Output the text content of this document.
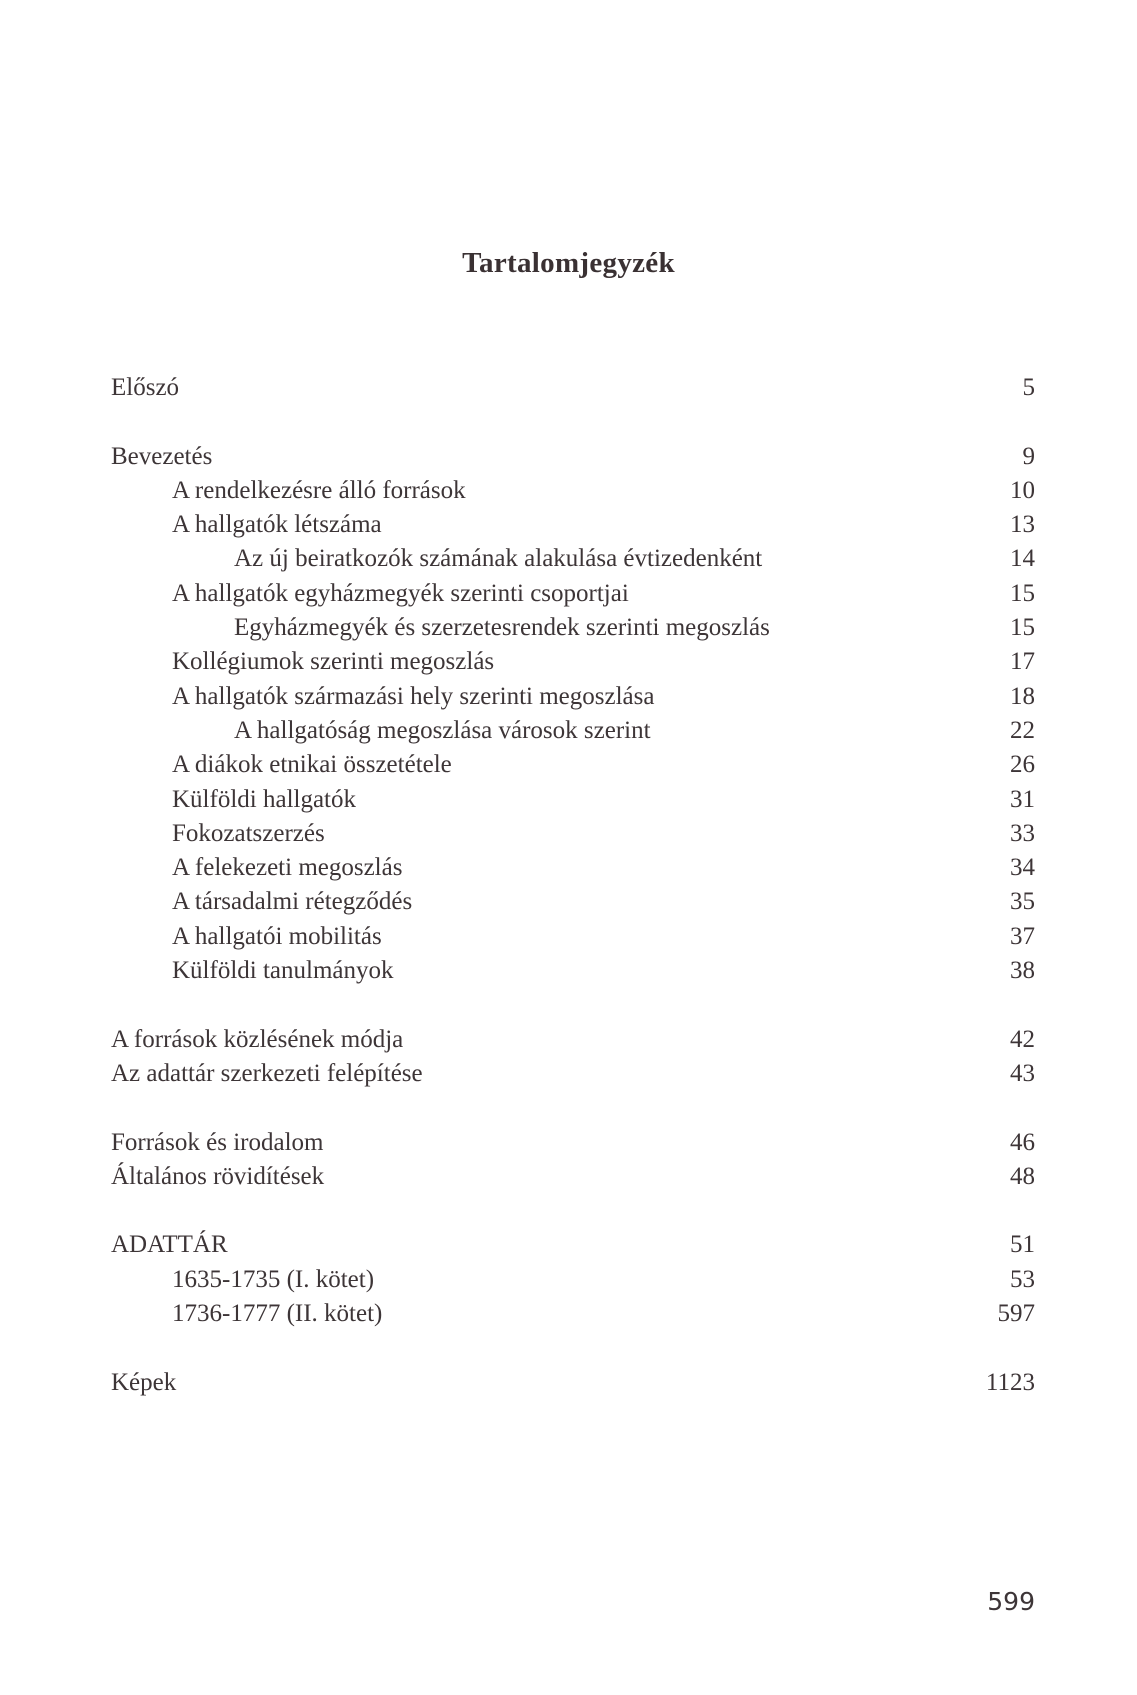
Tartalomjegyzék
Előszó	5
Bevezetés	9
A rendelkezésre álló források	10
A hallgatók létszáma	13
Az új beiratkozók számának alakulása évtizedenként	14
A hallgatók egyházmegyék szerinti csoportjai	15
Egyházmegyék és szerzetesrendek szerinti megoszlás	15
Kollégiumok szerinti megoszlás	17
A hallgatók származási hely szerinti megoszlása	18
A hallgatóság megoszlása városok szerint	22
A diákok etnikai összetétele	26
Külföldi hallgatók	31
Fokozatszerzés	33
A felekezeti megoszlás	34
A társadalmi rétegződés	35
A hallgatói mobilitás	37
Külföldi tanulmányok	38
A források közlésének módja	42
Az adattár szerkezeti felépítése	43
Források és irodalom	46
Általános rövidítések	48
ADATTÁR	51
1635-1735 (I. kötet)	53
1736-1777 (II. kötet)	597
Képek	1123
599
